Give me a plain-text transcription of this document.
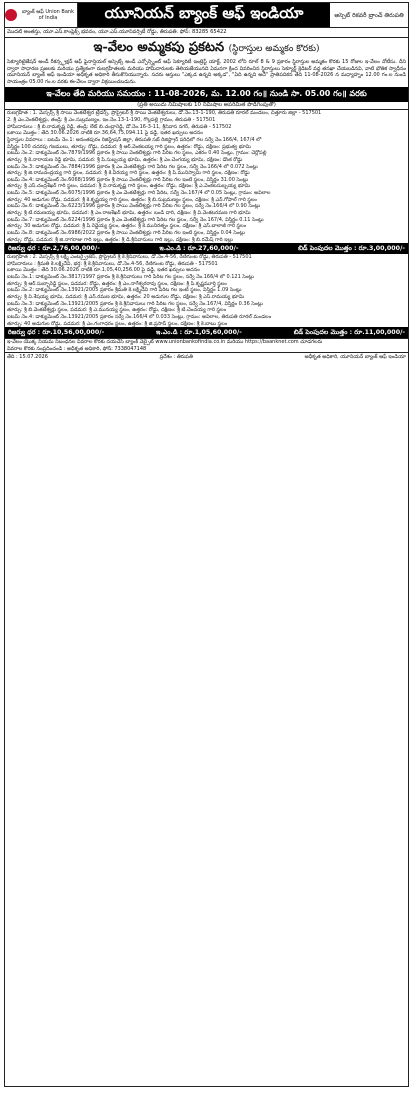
బ్యాంక్ ఆఫ్ Union Bank of India	యూనియన్ బ్యాంక్ ఆఫ్ ఇండియా	అస్సెట్ రికవరీ బ్రాంచ్ తిరుపతి
మొదటి అంతస్తు, యూ.ఎస్.కాంప్లెక్స్ భవనం, యూ.ఎస్.యూనివర్సిటీ రోడ్డు, తిరుపతి. ఫోన్: 83285 65422
ఇ-వేలం అమ్మకపు ప్రకటన (స్థిరాస్తుల అమ్మకం కొరకు)
సెక్యూరిటైజేషన్ అండ్ రీకన్స్ట్రక్షన్ ఆఫ్ ఫైనాన్షియల్ అస్సెట్స్ అండ్ ఎన్ఫోర్స్మెంట్ ఆఫ్ సెక్యూరిటీ ఇంట్రెస్ట్ యాక్ట్, 2002 లోని రూల్ 8 & 9 ప్రకారం స్థిరాస్తుల అమ్మకం కొరకు 15 రోజుల ఇ-వేలం నోటీసు. దీని ద్వారా సాధారణ ప్రజలకు మరియు ప్రత్యేకంగా రుణగ్రహీతలకు మరియు హామీదారులకు తెలియజేయునది ఏమనగా క్రింద వివరించిన స్థిరాస్తులు సెక్యూర్డ్ క్రెడిటర్ వద్ద తనఖా చేయబడినవి, వాటి భౌతిక స్వాధీనం యూనియన్ బ్యాంక్ ఆఫ్ ఇండియా అధీకృత అధికారి తీసుకొనియున్నారు. సదరు ఆస్తులు "ఎక్కడ ఉన్నది అక్కడ", "ఏది ఉన్నది అదే" ప్రాతిపదికన తేది 11-08-2026 న మధ్యాహ్నం 12.00 గం.ల నుండి సాయంత్రం 05.00 గం.ల వరకు ఈ-వేలం ద్వారా విక్రయించబడును.
ఇ-వేలం తేది మరియు సమయం : 11-08-2026, మ. 12.00 గం॥ నుండి సా. 05.00 గం॥ వరకు
(ప్రతి అయిదు నిమిషాలకు 10 నిమిషాల అపరిమిత పొడిగింపుతో)
రుణగ్రహీత : 1. మెస్సర్స్ శ్రీ సాయి వెంకటేశ్వర ట్రేడర్స్, ప్రొప్రైటర్ శ్రీ సాయి వెంకటేశ్వరులు, డో.నెం.13-1-190, తిరుపతి రూరల్ మండలం, చిత్తూరు జిల్లా - 517501
2. శ్రీ ఎం.వెంకటేశ్వర్లు, తండ్రి: శ్రీ ఎం.సుబ్రమణ్యం, ఇం.నెం.13-1-190, గొల్లపల్లి గ్రామం, తిరుపతి - 517501
హామీదారులు : శ్రీ బి.రామకృష్ణ రెడ్డి, తండ్రి: లేట్ బి.చంద్రారెడ్డి, డో.నెం.16-3-11, శ్రీనివాస నగర్, తిరుపతి - 517502
బకాయి మొత్తం : తేది 30.06.2026 నాటికి రూ.36,64,75,094.11 పై వడ్డీ, ఇతర ఖర్చులు అదనం
స్థిరాస్తుల వివరాలు : ఐటమ్ నెం.1: అనంతపురం రిజిస్ట్రేషన్ జిల్లా, తిరుపతి సబ్ రిజిస్ట్రార్ పరిధిలో గల సర్వే నెం.166/4, 167/4 లో
విస్తీర్ణం 100 చదరపు గజములు, తూర్పు: రోడ్డు, పడమర: శ్రీ ఆర్.వెంకటయ్య గారి స్థలం, ఉత్తరం: రోడ్డు, దక్షిణం: ప్రభుత్వ భూమి
ఐటమ్ నెం.2: డాక్యుమెంట్ నెం.7879/1996 ప్రకారం శ్రీ సాయి వెంకటేశ్వర్లు గారి పేరిట గల స్థలం, ఎకరం 0.40 సెంట్లు, గ్రామం: చెర్లోపల్లి
తూర్పు: శ్రీ కె.నారాయణ రెడ్డి భూమి, పడమర: శ్రీ పి.సుబ్బయ్య భూమి, ఉత్తరం: శ్రీ ఎం.చెంగయ్య భూమి, దక్షిణం: డొంక రోడ్డు
ఐటమ్ నెం.3: డాక్యుమెంట్ నెం.7884/1996 ప్రకారం శ్రీ ఎం.వెంకటేశ్వర్లు గారి పేరిట గల స్థలం, సర్వే నెం.166/4 లో 0.072 సెంట్లు
తూర్పు: శ్రీ జి.రామచంద్రయ్య గారి స్థలం, పడమర: శ్రీ కె.వీరయ్య గారి స్థలం, ఉత్తరం: శ్రీ పి.మునిస్వామి గారి స్థలం, దక్షిణం: రోడ్డు
ఐటమ్ నెం.4: డాక్యుమెంట్ నెం.6068/1996 ప్రకారం శ్రీ సాయి వెంకటేశ్వర్లు గారి పేరిట గల ఇంటి స్థలం, విస్తీర్ణం 31.00 సెంట్లు
తూర్పు: శ్రీ ఎస్.చంద్రశేఖర్ గారి స్థలం, పడమర: శ్రీ వి.రామకృష్ణ గారి స్థలం, ఉత్తరం: రోడ్డు, దక్షిణం: శ్రీ ఎ.వెంకటసుబ్బయ్య భూమి
ఐటమ్ నెం.5: డాక్యుమెంట్ నెం.6075/1996 ప్రకారం శ్రీ ఎం.వెంకటేశ్వర్లు గారి పేరిట, సర్వే నెం.167/4 లో 0.05 సెంట్లు, గ్రామం: అవిలాల
తూర్పు: 40 అడుగుల రోడ్డు, పడమర: శ్రీ కె.కృష్ణయ్య గారి స్థలం, ఉత్తరం: శ్రీ బి.సుబ్రమణ్యం స్థలం, దక్షిణం: శ్రీ ఎన్.గోపాల్ గారి స్థలం
ఐటమ్ నెం.6: డాక్యుమెంట్ నెం.6223/1996 ప్రకారం శ్రీ సాయి వెంకటేశ్వర్లు గారి పేరిట గల స్థలం, సర్వే నెం.166/4 లో 0.90 సెంట్లు
తూర్పు: శ్రీ టి.రమణయ్య భూమి, పడమర: శ్రీ ఎం.రాజశేఖర్ భూమి, ఉత్తరం: బండి దారి, దక్షిణం: శ్రీ వి.వెంకటరమణ గారి భూమి
ఐటమ్ నెం.7: డాక్యుమెంట్ నెం.6224/1996 ప్రకారం శ్రీ ఎం.వెంకటేశ్వర్లు గారి పేరిట గల స్థలం, సర్వే నెం.167/4, విస్తీర్ణం 0.11 సెంట్లు
తూర్పు: 30 అడుగుల రోడ్డు, పడమర: శ్రీ పి.రెడ్డెయ్య స్థలం, ఉత్తరం: శ్రీ కె.మునిరత్నం స్థలం, దక్షిణం: శ్రీ ఎస్.బాలాజీ గారి స్థలం
ఐటమ్ నెం.8: డాక్యుమెంట్ నెం.6986/2022 ప్రకారం శ్రీ సాయి వెంకటేశ్వర్లు గారి పేరిట గల ఇంటి స్థలం, విస్తీర్ణం 0.04 సెంట్లు
తూర్పు: రోడ్డు, పడమర: శ్రీ జి.నాగరాజు గారి ఇల్లు, ఉత్తరం: శ్రీ డి.శ్రీనివాసులు గారి ఇల్లు, దక్షిణం: శ్రీ బి.రమేష్ గారి ఇల్లు
రిజర్వు ధర : రూ.2,76,00,000/-	ఇ.ఎం.డి : రూ.27,60,000/-	బిడ్ పెంపుదల మొత్తం : రూ.3,00,000/-
రుణగ్రహీత : 2. మెస్సర్స్ శ్రీ లక్ష్మీ ఎంటర్ప్రైజెస్, ప్రొప్రైటర్ శ్రీ కె.శ్రీనివాసులు, డో.నెం.4-56, రేణిగుంట రోడ్డు, తిరుపతి - 517501
హామీదారులు : శ్రీమతి కె.లక్ష్మీదేవి, భర్త: శ్రీ కె.శ్రీనివాసులు, డో.నెం.4-56, రేణిగుంట రోడ్డు, తిరుపతి - 517501
బకాయి మొత్తం : తేది 30.06.2026 నాటికి రూ.1,05,40,256.00 పై వడ్డీ, ఇతర ఖర్చులు అదనం
ఐటమ్ నెం.1: డాక్యుమెంట్ నెం.3817/1997 ప్రకారం శ్రీ కె.శ్రీనివాసులు గారి పేరిట గల స్థలం, సర్వే నెం.166/4 లో 0.121 సెంట్లు
తూర్పు: శ్రీ ఆర్.సుబ్బారెడ్డి స్థలం, పడమర: రోడ్డు, ఉత్తరం: శ్రీ ఎం.నాగేశ్వరరావు స్థలం, దక్షిణం: శ్రీ పి.కృష్ణమూర్తి స్థలం
ఐటమ్ నెం.2: డాక్యుమెంట్ నెం.13921/2005 ప్రకారం శ్రీమతి కె.లక్ష్మీదేవి గారి పేరిట గల ఇంటి స్థలం, విస్తీర్ణం 1.09 సెంట్లు
తూర్పు: శ్రీ వి.శేషయ్య భూమి, పడమర: శ్రీ ఎన్.రమణ భూమి, ఉత్తరం: 20 అడుగుల రోడ్డు, దక్షిణం: శ్రీ ఎస్.రామయ్య భూమి
ఐటమ్ నెం.3: డాక్యుమెంట్ నెం.13921/2005 ప్రకారం శ్రీ కె.శ్రీనివాసులు గారి పేరిట గల స్థలం, సర్వే నెం.167/4, విస్తీర్ణం 0.36 సెంట్లు
తూర్పు: శ్రీ బి.వెంకటేశ్వర్లు స్థలం, పడమర: శ్రీ ఎ.మునయ్య స్థలం, ఉత్తరం: రోడ్డు, దక్షిణం: శ్రీ టి.చెంచయ్య గారి స్థలం
ఐటమ్ నెం.4: డాక్యుమెంట్ నెం.13921/2005 ప్రకారం సర్వే నెం.166/4 లో 0.033 సెంట్లు, గ్రామం: అవిలాల, తిరుపతి రూరల్ మండలం
తూర్పు: 40 అడుగుల రోడ్డు, పడమర: శ్రీ ఎం.గంగాధరం స్థలం, ఉత్తరం: శ్రీ జి.ప్రసాద్ స్థలం, దక్షిణం: శ్రీ కె.బాబు స్థలం
రిజర్వు ధర : రూ.10,56,00,000/-	ఇ.ఎం.డి : రూ.1,05,60,000/-	బిడ్ పెంపుదల మొత్తం : రూ.11,00,000/-
ఇ-వేలం యొక్క నియమ నిబంధనల వివరాల కొరకు దయచేసి బ్యాంక్ వెబ్సైట్ www.unionbankofindia.co.in మరియు https://baanknet.com చూడగలరు
వివరాల కొరకు సంప్రదించండి : అధీకృత అధికారి, ఫోన్: 7338047148
తేది : 15.07.2026	ప్రదేశం : తిరుపతి	అధీకృత అధికారి, యూనియన్ బ్యాంక్ ఆఫ్ ఇండియా
